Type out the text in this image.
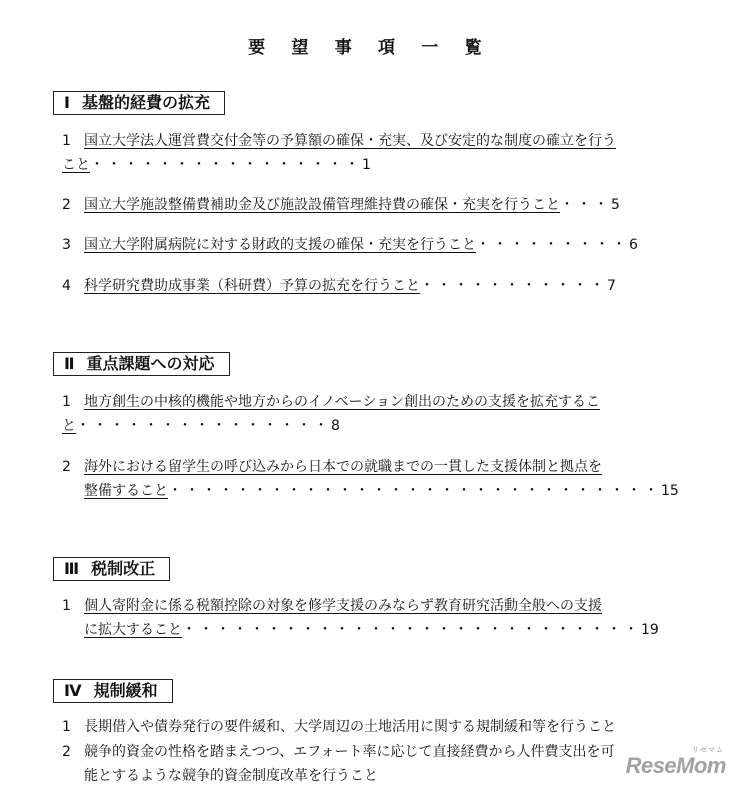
要 望 事 項 一 覧
Ⅰ 基盤的経費の拡充
1 国立大学法人運営費交付金等の予算額の確保・充実、及び安定的な制度の確立を行う
こと・・・・・・・・・・・・・・・・1
2 国立大学施設整備費補助金及び施設設備管理維持費の確保・充実を行うこと・・・5
3 国立大学附属病院に対する財政的支援の確保・充実を行うこと・・・・・・・・・6
4 科学研究費助成事業（科研費）予算の拡充を行うこと・・・・・・・・・・・7
Ⅱ 重点課題への対応
1 地方創生の中核的機能や地方からのイノベーション創出のための支援を拡充するこ
と・・・・・・・・・・・・・・・8
2 海外における留学生の呼び込みから日本での就職までの一貫した支援体制と拠点を
整備すること・・・・・・・・・・・・・・・・・・・・・・・・・・・・・15
Ⅲ 税制改正
1 個人寄附金に係る税額控除の対象を修学支援のみならず教育研究活動全般への支援
に拡大すること・・・・・・・・・・・・・・・・・・・・・・・・・・・19
Ⅳ 規制緩和
1 長期借入や債券発行の要件緩和、大学周辺の土地活用に関する規制緩和等を行うこと
2 競争的資金の性格を踏まえつつ、エフォート率に応じて直接経費から人件費支出を可
能とするような競争的資金制度改革を行うこと
リセマム
ReseMom
